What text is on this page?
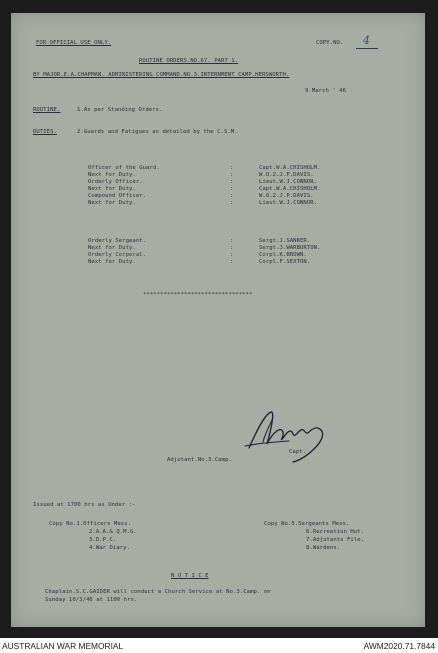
FOR OFFICIAL USE ONLY.	COPY.NO. 4
ROUTINE ORDERS.NO.67. PART 1.
BY MAJOR.E.A.CHAPMAN. ADMINISTERING COMMAND.NO.3.INTERNMENT CAMP.HERSWORTH.
9 March ' 46
ROUTINE.	1.As per Standing Orders.
DUTIES.	2.Guards and Fatigues as detailed by the C.S.M.
Officer of the Guard.	:	Capt.W.A.CHISHOLM.
Next for Duty.	:	W.O.2.J.P.DAVIS.
Orderly Officer.	:	Lieut.W.J.CONNOR.
Next for Duty.	:	Capt.W.A.CHISHOLM.
Compound Officer.	:	W.O.2.J.P.DAVIS.
Next for Duty.	:	Lieut.W.J.CONNOR.
Orderly Sergeant.	:	Sergt.J.SANKER.
Next for Duty.	:	Sergt.J.WARBURTON.
Orderly Corporal.	:	Corpl.K.BROWN.
Next for Duty.	:	Corpl.F.SEXTON.
********************************
Capt.
Adjutant.No.3.Camp.
Issued at 1700 hrs as Under :-
Copy No.1.Officers Mess.
2.A.A.& Q.M.G.
3.D.P.C.
4.War Diary.
Copy No.5.Sergeants Mess.
6.Recreation Hut.
7.Adjutants File.
8.Wardens.
N O T I C E
Chaplain.S.C.GAIDER will conduct a Church Service at No.3.Camp. on
Sunday 10/3/46 at 1100 hrs.
AUSTRALIAN WAR MEMORIAL	AWM2020.71.7844
